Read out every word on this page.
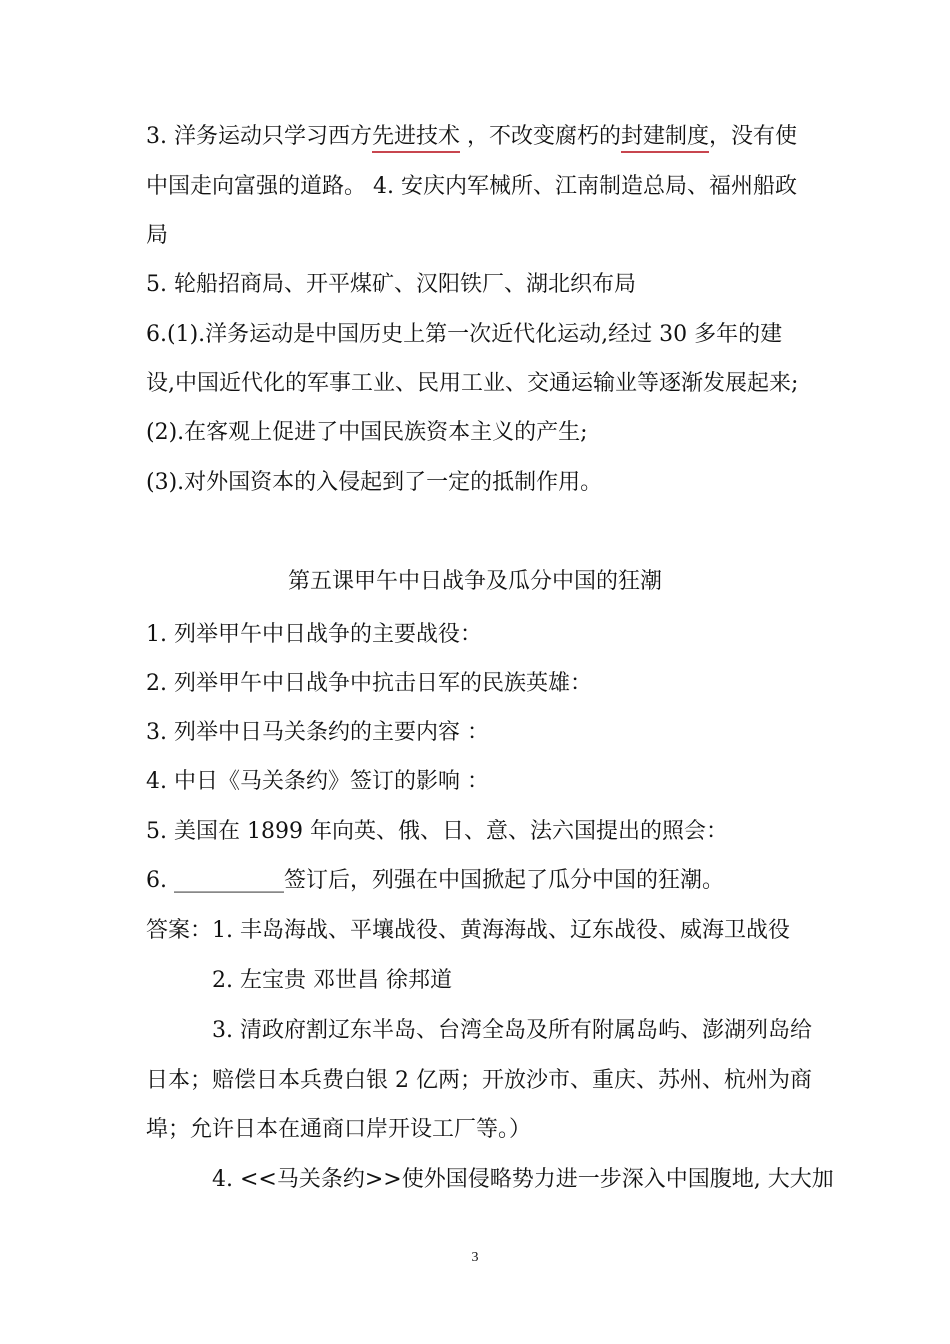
3. 洋务运动只学习西方先进技术 ，不改变腐朽的封建制度，没有使
中国走向富强的道路。 4. 安庆内军械所、江南制造总局、福州船政
局
5. 轮船招商局、开平煤矿、汉阳铁厂、湖北织布局
6.(1).洋务运动是中国历史上第一次近代化运动,经过 30 多年的建
设,中国近代化的军事工业、民用工业、交通运输业等逐渐发展起来;
(2).在客观上促进了中国民族资本主义的产生;
(3).对外国资本的入侵起到了一定的抵制作用。
第五课甲午中日战争及瓜分中国的狂潮
1. 列举甲午中日战争的主要战役：
2. 列举甲午中日战争中抗击日军的民族英雄：
3. 列举中日马关条约的主要内容 ：
4. 中日《马关条约》签订的影响 ：
5. 美国在 1899 年向英、俄、日、意、法六国提出的照会：
6. __________签订后，列强在中国掀起了瓜分中国的狂潮。
答案：1. 丰岛海战、平壤战役、黄海海战、辽东战役、威海卫战役
2. 左宝贵 邓世昌 徐邦道
3. 清政府割辽东半岛、台湾全岛及所有附属岛屿、澎湖列岛给
日本；赔偿日本兵费白银 2 亿两；开放沙市、重庆、苏州、杭州为商
埠；允许日本在通商口岸开设工厂等。）
4. <<马关条约>>使外国侵略势力进一步深入中国腹地, 大大加
3
